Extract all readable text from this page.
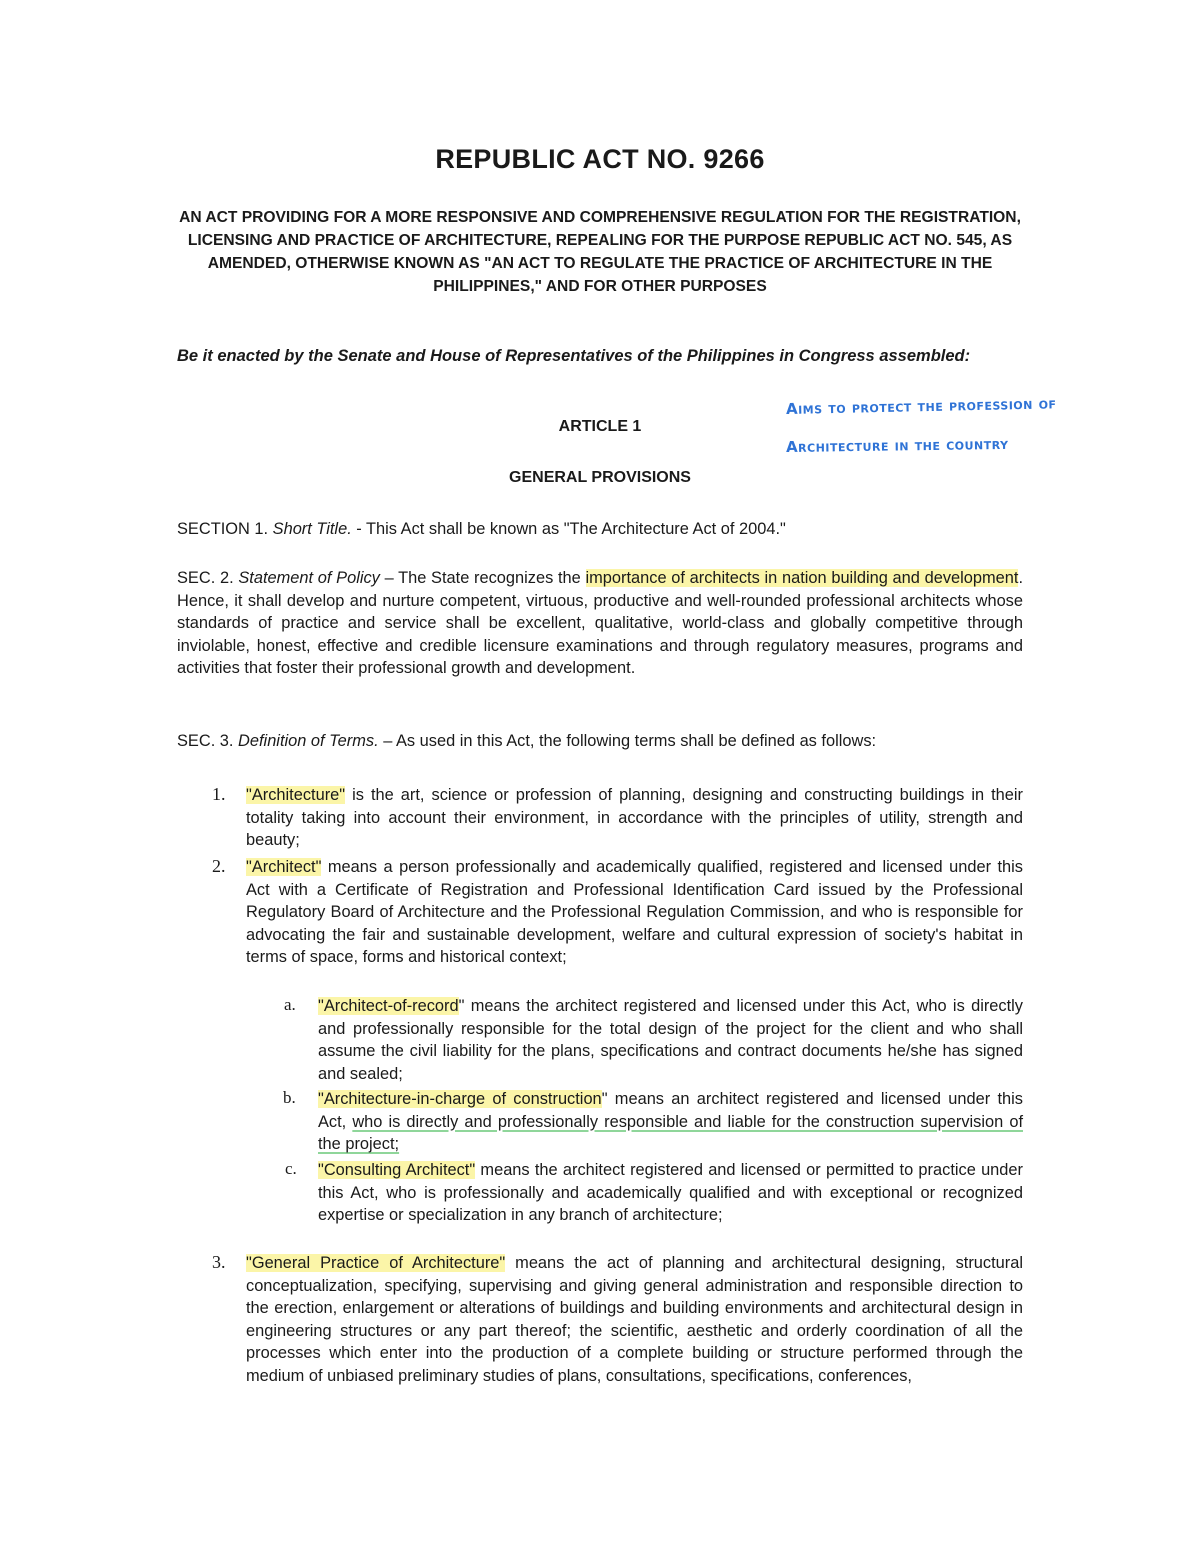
REPUBLIC ACT NO. 9266
AN ACT PROVIDING FOR A MORE RESPONSIVE AND COMPREHENSIVE REGULATION FOR THE REGISTRATION, LICENSING AND PRACTICE OF ARCHITECTURE, REPEALING FOR THE PURPOSE REPUBLIC ACT NO. 545, AS AMENDED, OTHERWISE KNOWN AS "AN ACT TO REGULATE THE PRACTICE OF ARCHITECTURE IN THE PHILIPPINES," AND FOR OTHER PURPOSES
Be it enacted by the Senate and House of Representatives of the Philippines in Congress assembled:
ARTICLE 1
GENERAL PROVISIONS
Aims to protect the profession of
Architecture in the country
SECTION 1. Short Title. - This Act shall be known as "The Architecture Act of 2004."
SEC. 2. Statement of Policy – The State recognizes the importance of architects in nation building and development. Hence, it shall develop and nurture competent, virtuous, productive and well-rounded professional architects whose standards of practice and service shall be excellent, qualitative, world-class and globally competitive through inviolable, honest, effective and credible licensure examinations and through regulatory measures, programs and activities that foster their professional growth and development.
SEC. 3. Definition of Terms. – As used in this Act, the following terms shall be defined as follows:
1. "Architecture" is the art, science or profession of planning, designing and constructing buildings in their totality taking into account their environment, in accordance with the principles of utility, strength and beauty;
2. "Architect" means a person professionally and academically qualified, registered and licensed under this Act with a Certificate of Registration and Professional Identification Card issued by the Professional Regulatory Board of Architecture and the Professional Regulation Commission, and who is responsible for advocating the fair and sustainable development, welfare and cultural expression of society's habitat in terms of space, forms and historical context;
a. "Architect-of-record" means the architect registered and licensed under this Act, who is directly and professionally responsible for the total design of the project for the client and who shall assume the civil liability for the plans, specifications and contract documents he/she has signed and sealed;
b. "Architecture-in-charge of construction" means an architect registered and licensed under this Act, who is directly and professionally responsible and liable for the construction supervision of the project;
c. "Consulting Architect" means the architect registered and licensed or permitted to practice under this Act, who is professionally and academically qualified and with exceptional or recognized expertise or specialization in any branch of architecture;
3. "General Practice of Architecture" means the act of planning and architectural designing, structural conceptualization, specifying, supervising and giving general administration and responsible direction to the erection, enlargement or alterations of buildings and building environments and architectural design in engineering structures or any part thereof; the scientific, aesthetic and orderly coordination of all the processes which enter into the production of a complete building or structure performed through the medium of unbiased preliminary studies of plans, consultations, specifications, conferences,
